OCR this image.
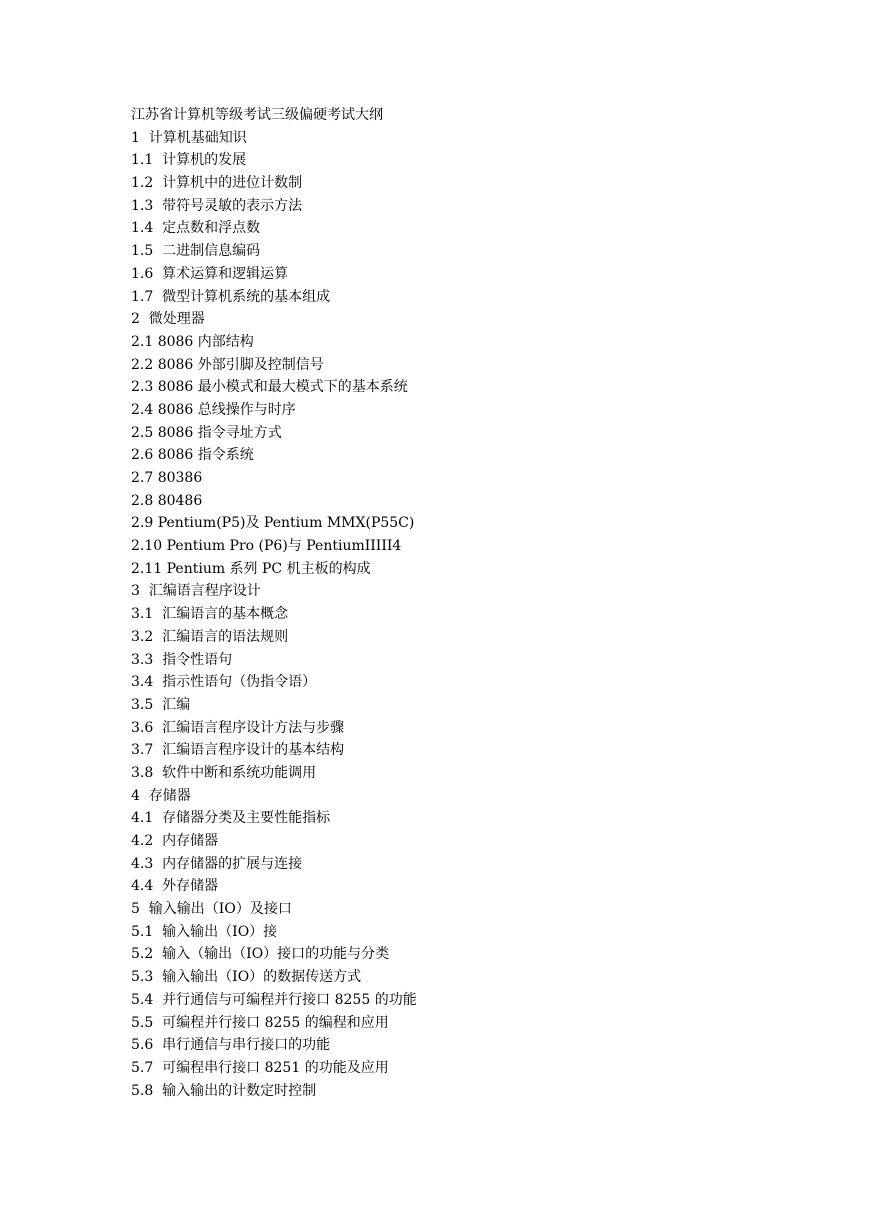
江苏省计算机等级考试三级偏硬考试大纲
1  计算机基础知识
1.1  计算机的发展
1.2  计算机中的进位计数制
1.3  带符号灵敏的表示方法
1.4  定点数和浮点数
1.5  二进制信息编码
1.6  算术运算和逻辑运算
1.7  微型计算机系统的基本组成
2  微处理器
2.1 8086 内部结构
2.2 8086 外部引脚及控制信号
2.3 8086 最小模式和最大模式下的基本系统
2.4 8086 总线操作与时序
2.5 8086 指令寻址方式
2.6 8086 指令系统
2.7 80386
2.8 80486
2.9 Pentium(P5)及 Pentium MMX(P55C)
2.10 Pentium Pro (P6)与 PentiumIIIII4
2.11 Pentium 系列 PC 机主板的构成
3  汇编语言程序设计
3.1  汇编语言的基本概念
3.2  汇编语言的语法规则
3.3  指令性语句
3.4  指示性语句（伪指令语）
3.5  汇编
3.6  汇编语言程序设计方法与步骤
3.7  汇编语言程序设计的基本结构
3.8  软件中断和系统功能调用
4  存储器
4.1  存储器分类及主要性能指标
4.2  内存储器
4.3  内存储器的扩展与连接
4.4  外存储器
5  输入输出（IO）及接口
5.1  输入输出（IO）接
5.2  输入（输出（IO）接口的功能与分类
5.3  输入输出（IO）的数据传送方式
5.4  并行通信与可编程并行接口 8255 的功能
5.5  可编程并行接口 8255 的编程和应用
5.6  串行通信与串行接口的功能
5.7  可编程串行接口 8251 的功能及应用
5.8  输入输出的计数定时控制
